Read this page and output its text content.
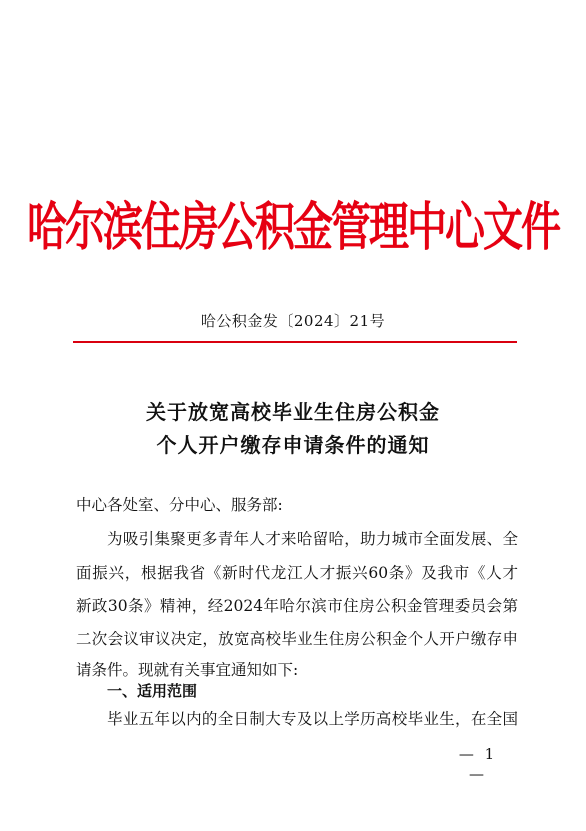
哈尔滨住房公积金管理中心文件
哈公积金发〔2024〕21号
关于放宽高校毕业生住房公积金
个人开户缴存申请条件的通知
中心各处室、分中心、服务部:
为吸引集聚更多青年人才来哈留哈，助力城市全面发展、全
面振兴，根据我省《新时代龙江人才振兴60条》及我市《人才
新政30条》精神，经2024年哈尔滨市住房公积金管理委员会第
二次会议审议决定，放宽高校毕业生住房公积金个人开户缴存申
请条件。现就有关事宜通知如下:
一、适用范围
毕业五年以内的全日制大专及以上学历高校毕业生，在全国
— 1 —
